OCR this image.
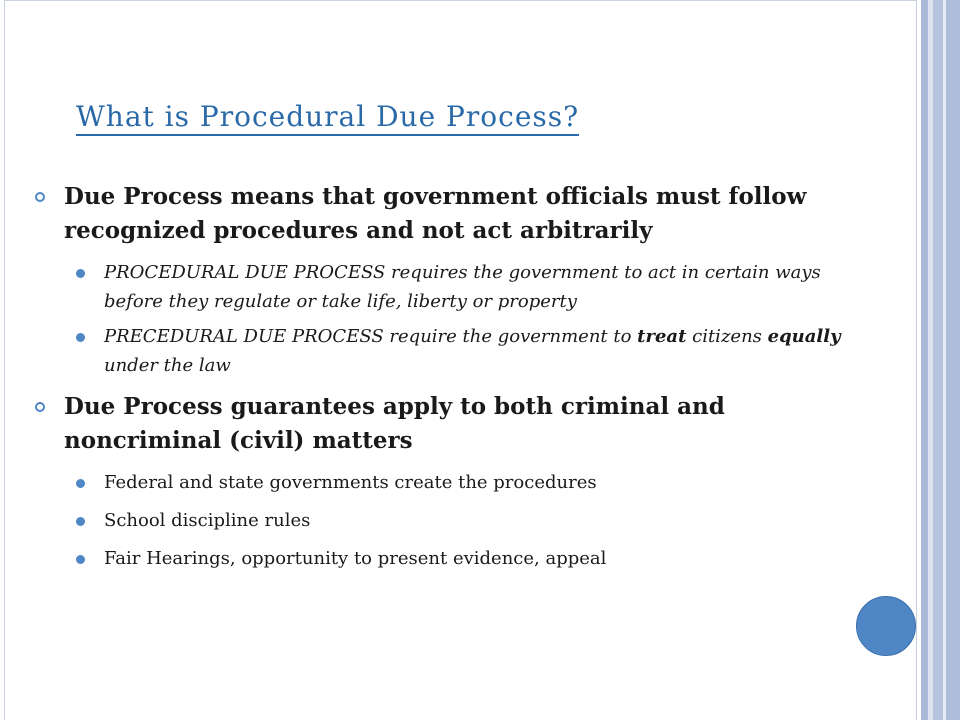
What is Procedural Due Process?
Due Process means that government officials must follow recognized procedures and not act arbitrarily
PROCEDURAL DUE PROCESS requires the government to act in certain ways before they regulate or take life, liberty or property
PRECEDURAL DUE PROCESS require the government to treat citizens equally under the law
Due Process guarantees apply to both criminal and noncriminal (civil) matters
Federal and state governments create the procedures
School discipline rules
Fair Hearings, opportunity to present evidence, appeal
